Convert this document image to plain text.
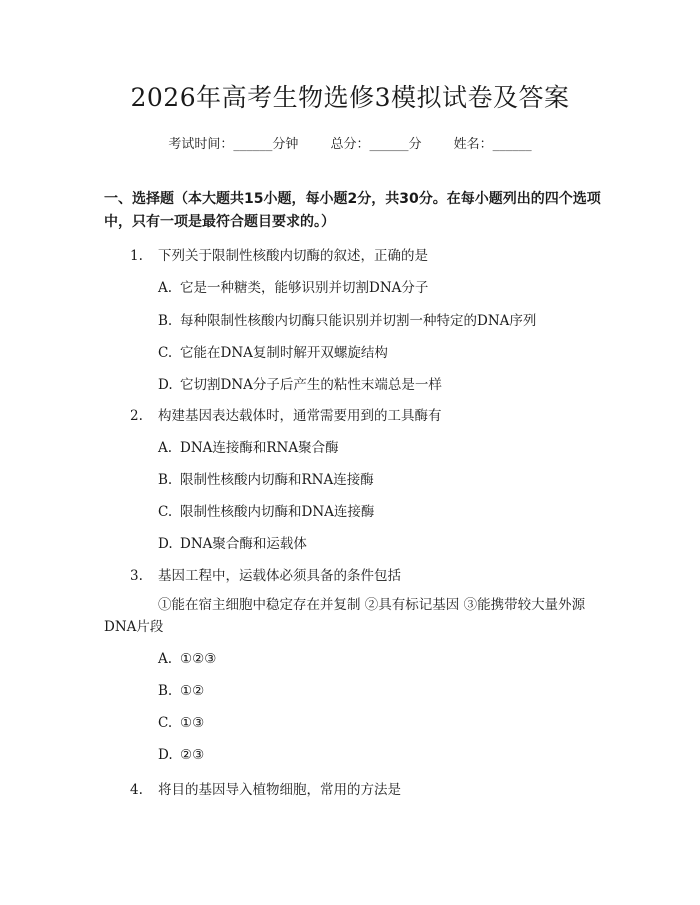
2026年高考生物选修3模拟试卷及答案
考试时间：______分钟 总分：______分 姓名：______
一、选择题（本大题共15小题，每小题2分，共30分。在每小题列出的四个选项中，只有一项是最符合题目要求的。）
1. 下列关于限制性核酸内切酶的叙述，正确的是
A. 它是一种糖类，能够识别并切割DNA分子
B. 每种限制性核酸内切酶只能识别并切割一种特定的DNA序列
C. 它能在DNA复制时解开双螺旋结构
D. 它切割DNA分子后产生的粘性末端总是一样
2. 构建基因表达载体时，通常需要用到的工具酶有
A. DNA连接酶和RNA聚合酶
B. 限制性核酸内切酶和RNA连接酶
C. 限制性核酸内切酶和DNA连接酶
D. DNA聚合酶和运载体
3. 基因工程中，运载体必须具备的条件包括
①能在宿主细胞中稳定存在并复制 ②具有标记基因 ③能携带较大量外源DNA片段
A. ①②③
B. ①②
C. ①③
D. ②③
4. 将目的基因导入植物细胞，常用的方法是
